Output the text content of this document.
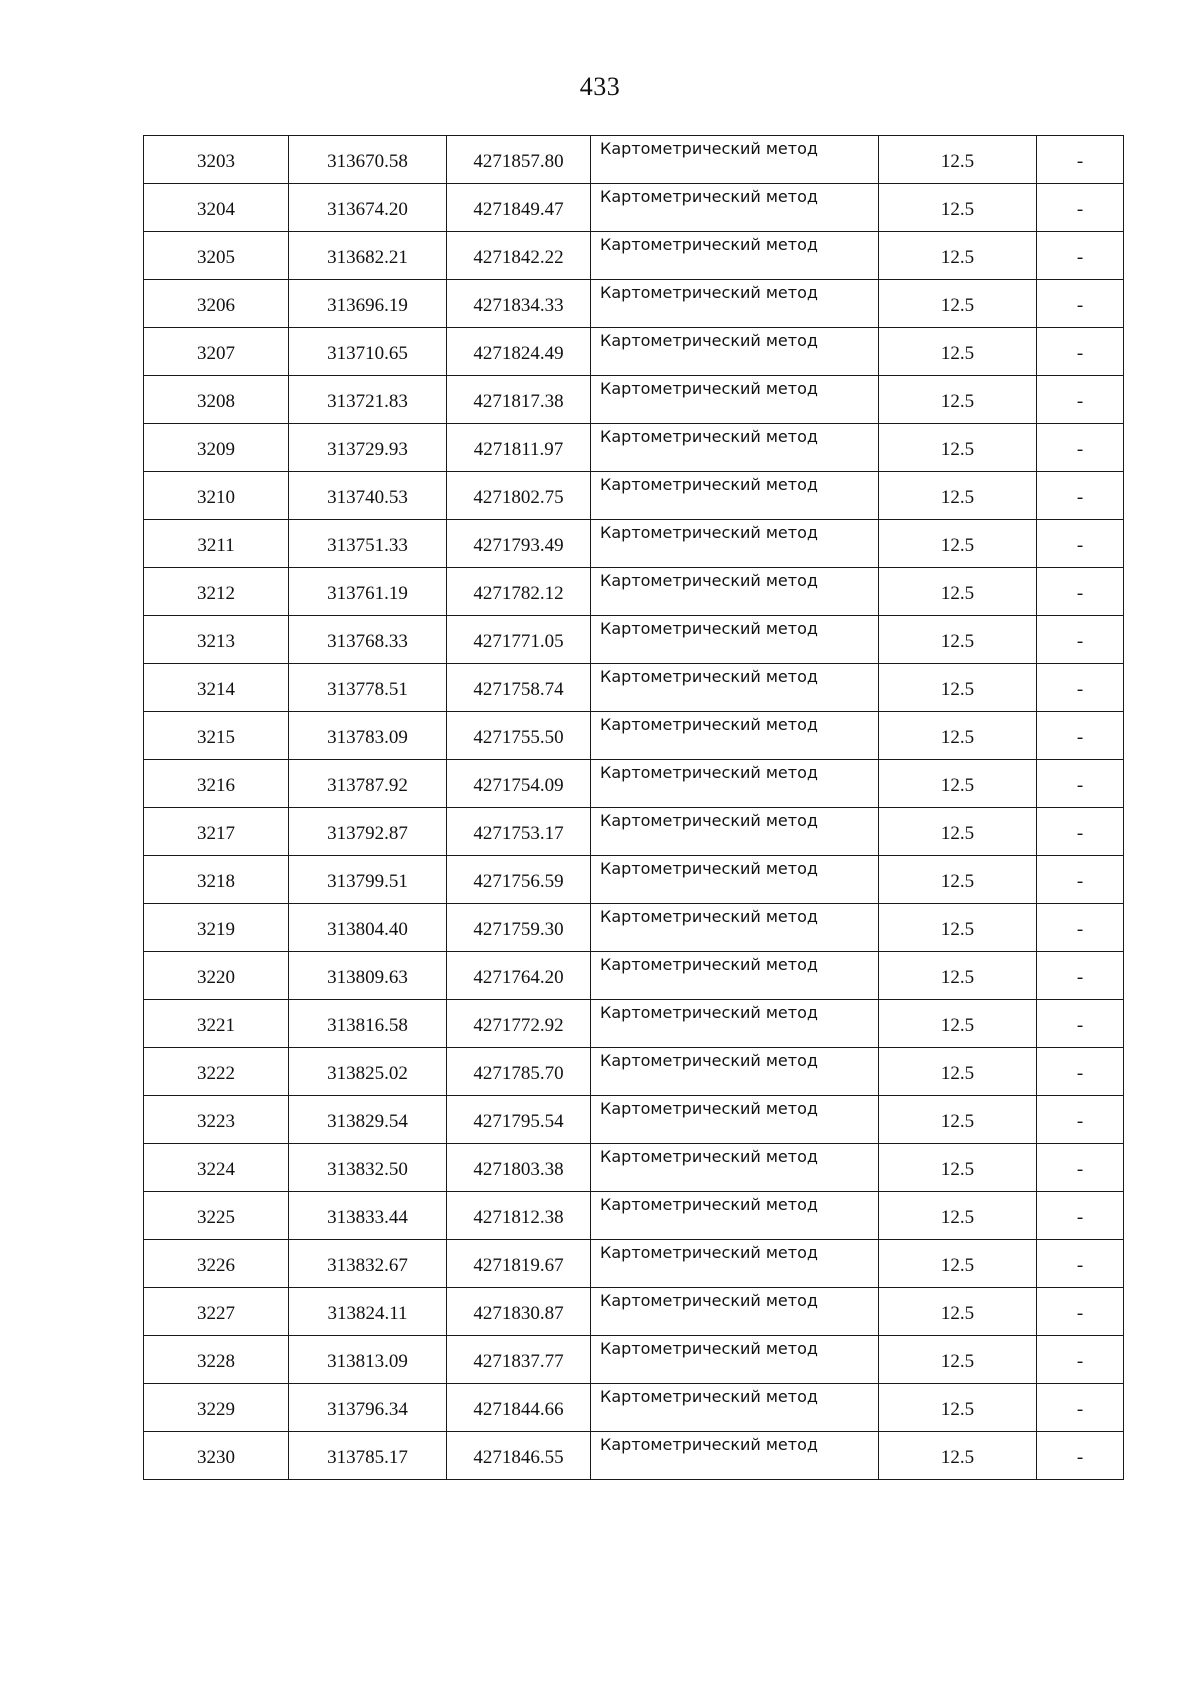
433
3203	313670.58	4271857.80	Картометрический метод	12.5	-
3204	313674.20	4271849.47	Картометрический метод	12.5	-
3205	313682.21	4271842.22	Картометрический метод	12.5	-
3206	313696.19	4271834.33	Картометрический метод	12.5	-
3207	313710.65	4271824.49	Картометрический метод	12.5	-
3208	313721.83	4271817.38	Картометрический метод	12.5	-
3209	313729.93	4271811.97	Картометрический метод	12.5	-
3210	313740.53	4271802.75	Картометрический метод	12.5	-
3211	313751.33	4271793.49	Картометрический метод	12.5	-
3212	313761.19	4271782.12	Картометрический метод	12.5	-
3213	313768.33	4271771.05	Картометрический метод	12.5	-
3214	313778.51	4271758.74	Картометрический метод	12.5	-
3215	313783.09	4271755.50	Картометрический метод	12.5	-
3216	313787.92	4271754.09	Картометрический метод	12.5	-
3217	313792.87	4271753.17	Картометрический метод	12.5	-
3218	313799.51	4271756.59	Картометрический метод	12.5	-
3219	313804.40	4271759.30	Картометрический метод	12.5	-
3220	313809.63	4271764.20	Картометрический метод	12.5	-
3221	313816.58	4271772.92	Картометрический метод	12.5	-
3222	313825.02	4271785.70	Картометрический метод	12.5	-
3223	313829.54	4271795.54	Картометрический метод	12.5	-
3224	313832.50	4271803.38	Картометрический метод	12.5	-
3225	313833.44	4271812.38	Картометрический метод	12.5	-
3226	313832.67	4271819.67	Картометрический метод	12.5	-
3227	313824.11	4271830.87	Картометрический метод	12.5	-
3228	313813.09	4271837.77	Картометрический метод	12.5	-
3229	313796.34	4271844.66	Картометрический метод	12.5	-
3230	313785.17	4271846.55	Картометрический метод	12.5	-
